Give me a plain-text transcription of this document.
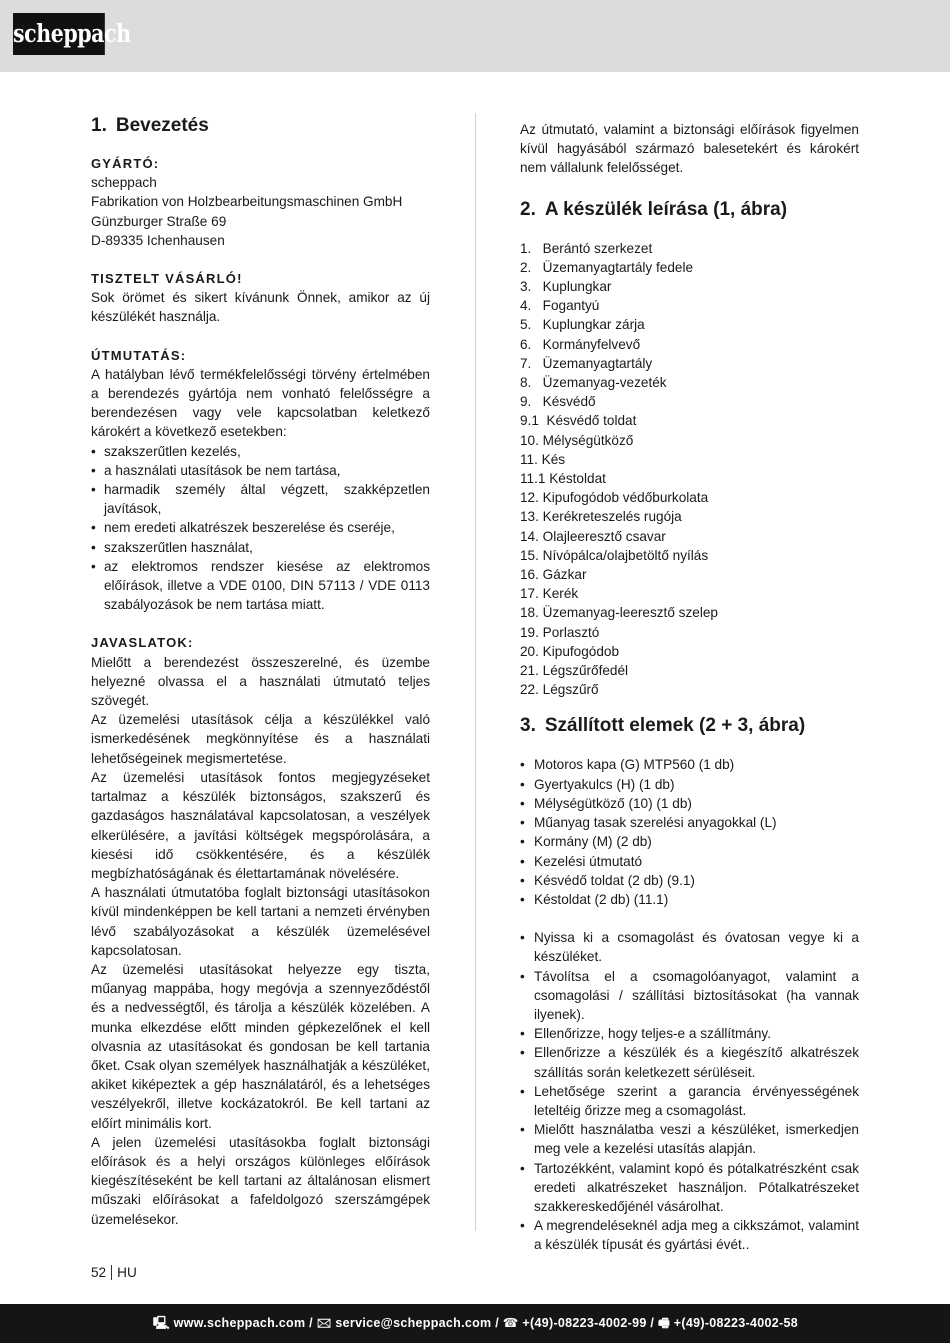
scheppach
1. Bevezetés
GYÁRTÓ:
scheppach
Fabrikation von Holzbearbeitungsmaschinen GmbH
Günzburger Straße 69
D-89335 Ichenhausen
TISZTELT VÁSÁRLÓ!

Sok örömet és sikert kívánunk Önnek, amikor az új készülékét használja.

ÚTMUTATÁS:

A hatályban lévő termékfelelősségi törvény értelmében a berendezés gyártója nem vonható felelősségre a berendezésen vagy vele kapcsolatban keletkező károkért a következő esetekben:

• szakszerűtlen kezelés,
• a használati utasítások be nem tartása,
• harmadik személy által végzett, szakképzetlen javítások,
• nem eredeti alkatrészek beszerelése és cseréje,
• szakszerűtlen használat,
• az elektromos rendszer kiesése az elektromos előírások, illetve a VDE 0100, DIN 57113 / VDE 0113 szabályozások be nem tartása miatt.
JAVASLATOK:

Mielőtt a berendezést összeszerelné, és üzembe helyezné olvassa el a használati útmutató teljes szövegét.

Az üzemelési utasítások célja a készülékkel való ismerkedésének megkönnyítése és a használati lehetőségeinek megismertetése.

Az üzemelési utasítások fontos megjegyzéseket tartalmaz a készülék biztonságos, szakszerű és gazdaságos használatával kapcsolatosan, a veszélyek elkerülésére, a javítási költségek megspórolására, a kiesési idő csökkentésére, és a készülék megbízhatóságának és élettartamának növelésére.

A használati útmutatóba foglalt biztonsági utasításokon kívül mindenképpen be kell tartani a nemzeti érvényben lévő szabályozásokat a készülék üzemelésével kapcsolatosan.

Az üzemelési utasításokat helyezze egy tiszta, műanyag mappába, hogy megóvja a szennyeződéstől és a nedvességtől, és tárolja a készülék közelében. A munka elkezdése előtt minden gépkezelőnek el kell olvasnia az utasításokat és gondosan be kell tartania őket. Csak olyan személyek használhatják a készüléket, akiket kiképeztek a gép használatáról, és a lehetséges veszélyekről, illetve kockázatokról. Be kell tartani az előírt minimális kort.

A jelen üzemelési utasításokba foglalt biztonsági előírások és a helyi országos különleges előírások kiegészítéseként be kell tartani az általánosan elismert műszaki előírásokat a fafeldolgozó szerszámgépek üzemelésekor.

Az útmutató, valamint a biztonsági előírások figyelmen kívül hagyásából származó balesetekért és károkért nem vállalunk felelősséget.

2. A készülék leírása (1, ábra)
1.   Berántó szerkezet
2.   Üzemanyagtartály fedele
3.   Kuplungkar
4.   Fogantyú
5.   Kuplungkar zárja
6.   Kormányfelvevő
7.   Üzemanyagtartály
8.   Üzemanyag-vezeték
9.   Késvédő
9.1  Késvédő toldat
10. Mélységütköző
11. Kés
11.1 Késtoldat
12. Kipufogódob védőburkolata
13. Kerékreteszelés rugója
14. Olajleeresztő csavar
15. Nívópálca/olajbetöltő nyílás
16. Gázkar
17. Kerék
18. Üzemanyag-leeresztő szelep
19. Porlasztó
20. Kipufogódob
21. Légszűrőfedél
22. Légszűrő
3. Szállított elemek (2 + 3, ábra)
• Motoros kapa (G) MTP560 (1 db)
• Gyertyakulcs (H) (1 db)
• Mélységütköző (10) (1 db)
• Műanyag tasak szerelési anyagokkal (L)
• Kormány (M) (2 db)
• Kezelési útmutató
• Késvédő toldat (2 db) (9.1)
• Késtoldat (2 db) (11.1)
• Nyissa ki a csomagolást és óvatosan vegye ki a készüléket.
• Távolítsa el a csomagolóanyagot, valamint a csomagolási / szállítási biztosításokat (ha vannak ilyenek).
• Ellenőrizze, hogy teljes-e a szállítmány.
• Ellenőrizze a készülék és a kiegészítő alkatrészek szállítás során keletkezett sérüléseit.
• Lehetősége szerint a garancia érvényességének leteltéig őrizze meg a csomagolást.
• Mielőtt használatba veszi a készüléket, ismerkedjen meg vele a kezelési utasítás alapján.
• Tartozékként, valamint kopó és pótalkatrészként csak eredeti alkatrészeket használjon. Pótalkatrészeket szakkereskedőjénél vásárolhat.
• A megrendeléseknél adja meg a cikkszámot, valamint a készülék típusát és gyártási évét..
52 HU
🖳 www.scheppach.com / 🖂 service@scheppach.com / ☎ +(49)-08223-4002-99 / 🖷 +(49)-08223-4002-58
